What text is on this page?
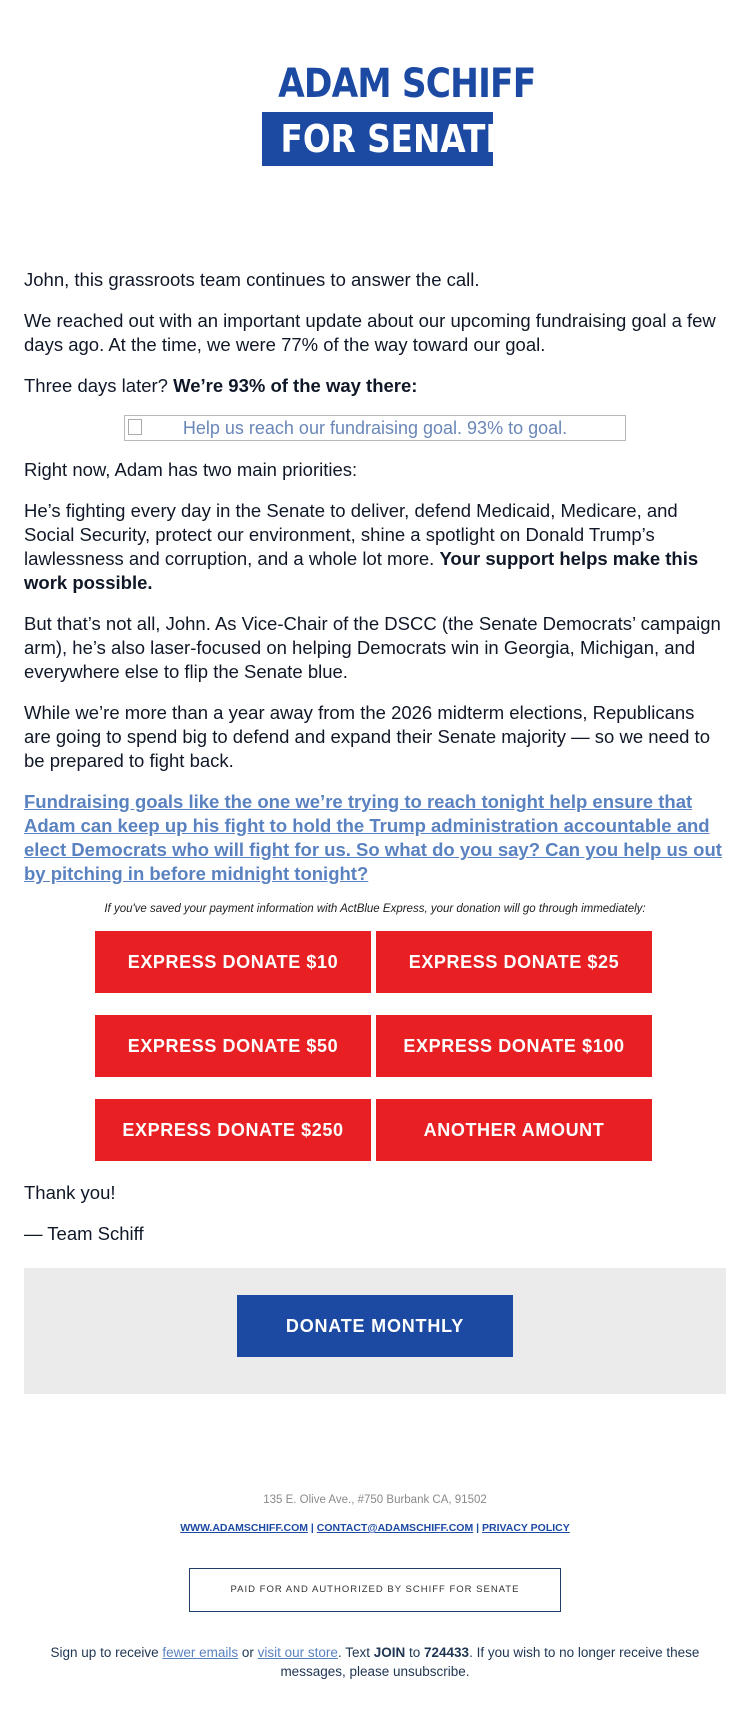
ADAM SCHIFF
FOR SENATE

John, this grassroots team continues to answer the call.

We reached out with an important update about our upcoming fundraising goal a few days ago. At the time, we were 77% of the way toward our goal.

Three days later? We’re 93% of the way there:

Help us reach our fundraising goal. 93% to goal.

Right now, Adam has two main priorities:

He’s fighting every day in the Senate to deliver, defend Medicaid, Medicare, and Social Security, protect our environment, shine a spotlight on Donald Trump’s lawlessness and corruption, and a whole lot more. Your support helps make this work possible.

But that’s not all, John. As Vice-Chair of the DSCC (the Senate Democrats’ campaign arm), he’s also laser-focused on helping Democrats win in Georgia, Michigan, and everywhere else to flip the Senate blue.

While we’re more than a year away from the 2026 midterm elections, Republicans are going to spend big to defend and expand their Senate majority — so we need to be prepared to fight back.

Fundraising goals like the one we’re trying to reach tonight help ensure that Adam can keep up his fight to hold the Trump administration accountable and elect Democrats who will fight for us. So what do you say? Can you help us out by pitching in before midnight tonight?

If you've saved your payment information with ActBlue Express, your donation will go through immediately:

EXPRESS DONATE $10	EXPRESS DONATE $25
EXPRESS DONATE $50	EXPRESS DONATE $100
EXPRESS DONATE $250	ANOTHER AMOUNT

Thank you!

— Team Schiff

DONATE MONTHLY
135 E. Olive Ave., #750 Burbank CA, 91502
WWW.ADAMSCHIFF.COM | CONTACT@ADAMSCHIFF.COM | PRIVACY POLICY
PAID FOR AND AUTHORIZED BY SCHIFF FOR SENATE
Sign up to receive fewer emails or visit our store. Text JOIN to 724433. If you wish to no longer receive these messages, please unsubscribe.
